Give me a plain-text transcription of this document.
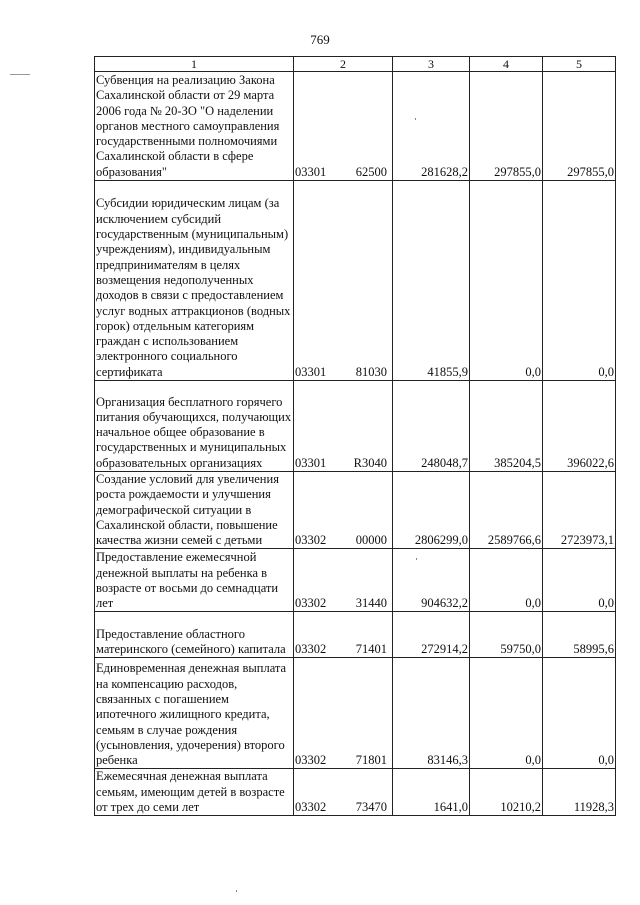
769
1	2	3	4	5
Субвенция на реализацию Закона Сахалинской области от 29 марта 2006 года № 20-ЗО "О наделении органов местного самоуправления государственными полномочиями Сахалинской области в сфере образования"	03301 62500	281628,2	297855,0	297855,0
Субсидии юридическим лицам (за исключением субсидий государственным (муниципальным) учреждениям), индивидуальным предпринимателям в целях возмещения недополученных доходов в связи с предоставлением услуг водных аттракционов (водных горок) отдельным категориям граждан с использованием электронного социального сертификата	03301 81030	41855,9	0,0	0,0
Организация бесплатного горячего питания обучающихся, получающих начальное общее образование в государственных и муниципальных образовательных организациях	03301 R3040	248048,7	385204,5	396022,6
Создание условий для увеличения роста рождаемости и улучшения демографической ситуации в Сахалинской области, повышение качества жизни семей с детьми	03302 00000	2806299,0	2589766,6	2723973,1
Предоставление ежемесячной денежной выплаты на ребенка в возрасте от восьми до семнадцати лет	03302 31440	904632,2	0,0	0,0
Предоставление областного материнского (семейного) капитала	03302 71401	272914,2	59750,0	58995,6
Единовременная денежная выплата на компенсацию расходов, связанных с погашением ипотечного жилищного кредита, семьям в случае рождения (усыновления, удочерения) второго ребенка	03302 71801	83146,3	0,0	0,0
Ежемесячная денежная выплата семьям, имеющим детей в возрасте от трех до семи лет	03302 73470	1641,0	10210,2	11928,3
